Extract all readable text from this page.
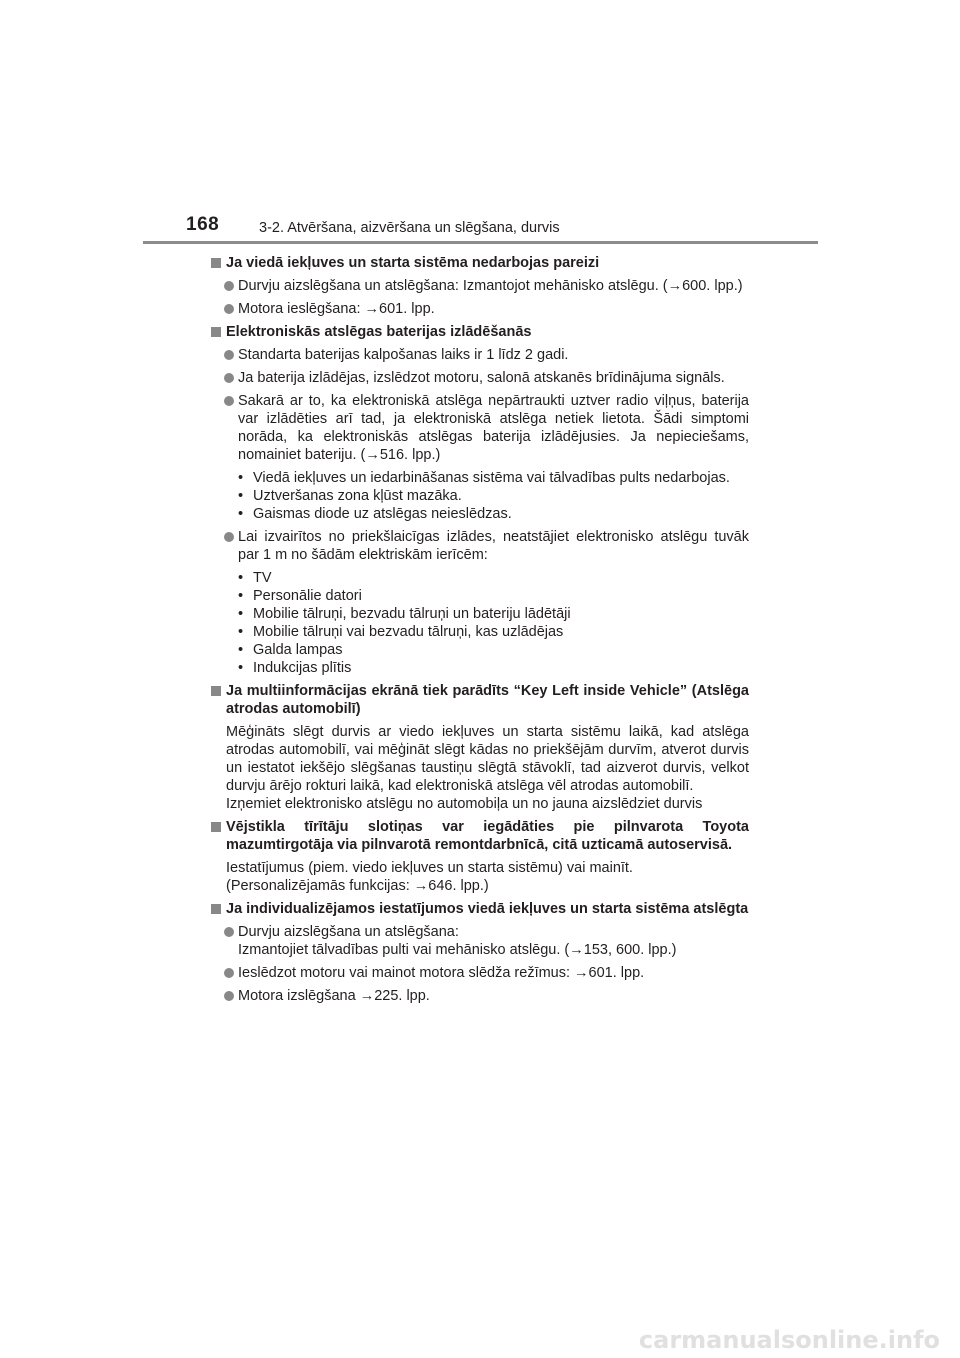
168	3-2. Atvēršana, aizvēršana un slēgšana, durvis
Ja viedā iekļuves un starta sistēma nedarbojas pareizi
Durvju aizslēgšana un atslēgšana: Izmantojot mehānisko atslēgu. (→600. lpp.)
Motora ieslēgšana: →601. lpp.
Elektroniskās atslēgas baterijas izlādēšanās
Standarta baterijas kalpošanas laiks ir 1 līdz 2 gadi.
Ja baterija izlādējas, izslēdzot motoru, salonā atskanēs brīdinājuma signāls.
Sakarā ar to, ka elektroniskā atslēga nepārtraukti uztver radio viļņus, baterija var izlādēties arī tad, ja elektroniskā atslēga netiek lietota. Šādi simptomi norāda, ka elektroniskās atslēgas baterija izlādējusies. Ja nepieciešams, nomainiet bateriju. (→516. lpp.)
• Viedā iekļuves un iedarbināšanas sistēma vai tālvadības pults nedarbojas.
• Uztveršanas zona kļūst mazāka.
• Gaismas diode uz atslēgas neieslēdzas.
Lai izvairītos no priekšlaicīgas izlādes, neatstājiet elektronisko atslēgu tuvāk par 1 m no šādām elektriskām ierīcēm:
• TV
• Personālie datori
• Mobilie tālruņi, bezvadu tālruņi un bateriju lādētāji
• Mobilie tālruņi vai bezvadu tālruņi, kas uzlādējas
• Galda lampas
• Indukcijas plītis
Ja multiinformācijas ekrānā tiek parādīts “Key Left inside Vehicle” (Atslēga atrodas automobilī)
Mēģināts slēgt durvis ar viedo iekļuves un starta sistēmu laikā, kad atslēga atrodas automobilī, vai mēģināt slēgt kādas no priekšējām durvīm, atverot durvis un iestatot iekšējo slēgšanas taustiņu slēgtā stāvoklī, tad aizverot durvis, velkot durvju ārējo rokturi laikā, kad elektroniskā atslēga vēl atrodas automobilī.
Izņemiet elektronisko atslēgu no automobiļa un no jauna aizslēdziet durvis
Vējstikla tīrītāju slotiņas var iegādāties pie pilnvarota Toyota mazumtirgotāja via pilnvarotā remontdarbnīcā, citā uzticamā autoservisā.
Iestatījumus (piem. viedo iekļuves un starta sistēmu) vai mainīt.
(Personalizējamās funkcijas: →646. lpp.)
Ja individualizējamos iestatījumos viedā iekļuves un starta sistēma atslēgta
Durvju aizslēgšana un atslēgšana:
Izmantojiet tālvadības pulti vai mehānisko atslēgu. (→153, 600. lpp.)
Ieslēdzot motoru vai mainot motora slēdža režīmus: →601. lpp.
Motora izslēgšana →225. lpp.
carmanualsonline.info
